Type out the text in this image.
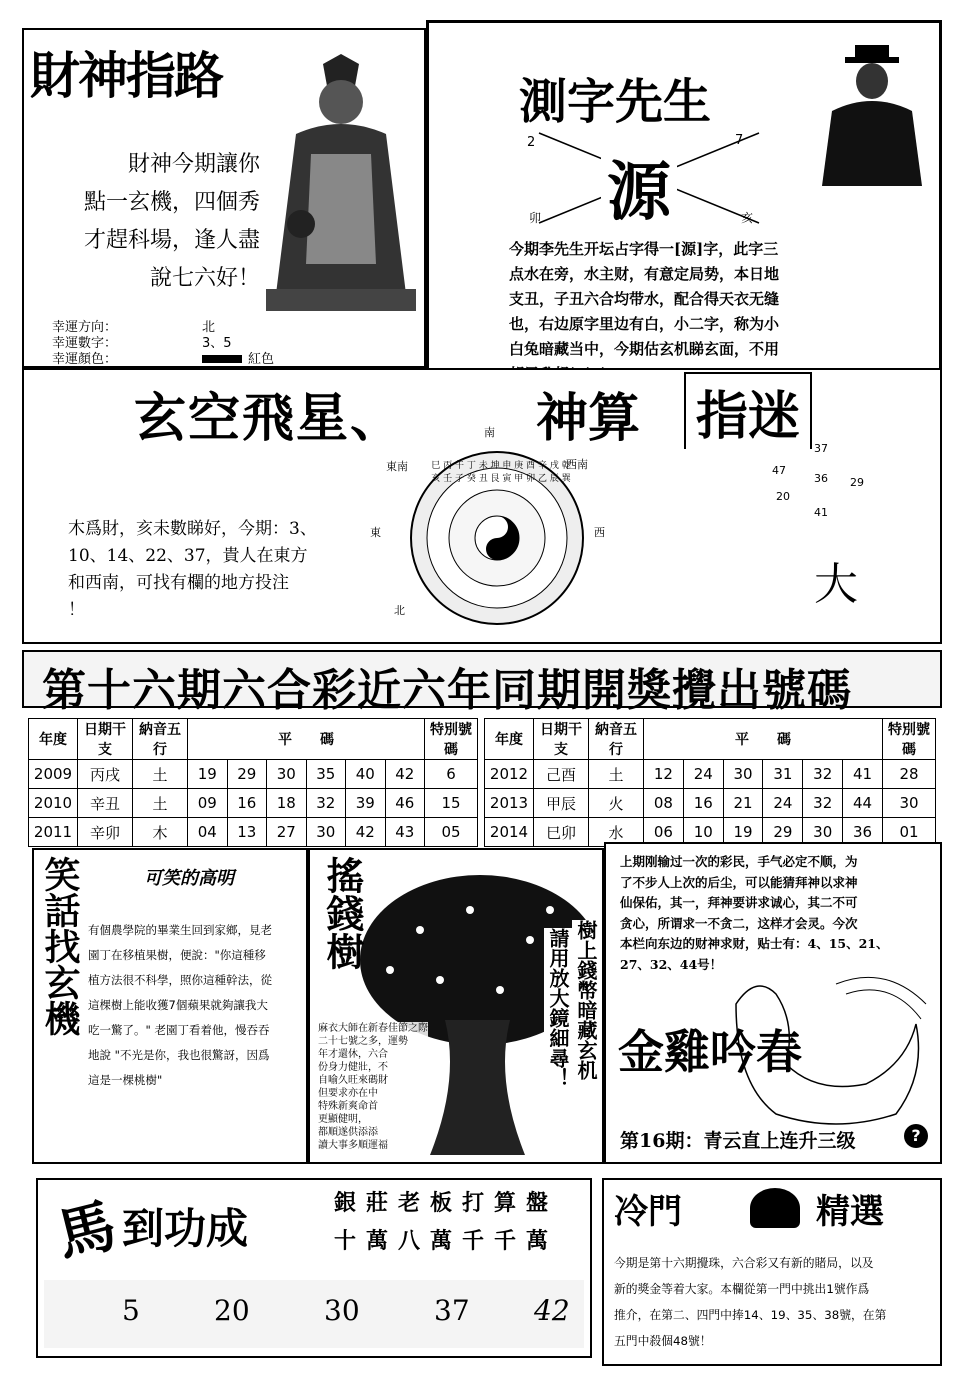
財神指路
財神今期讓你
點一玄機，四個秀
才趕科場，逢人盡
說七六好！
幸運方向：	北
幸運數字：	3、5
幸運顏色：	紅色
測字先生
2	7
卯	亥
源
今期李先生开坛占字得一[源]字，此字三
点水在旁，水主财，有意定局势，本日地
支丑，子丑六合均带水，配合得天衣无缝
也，右边原字里边有白，小二字，称为小
白兔暗藏当中，今期估玄机睇玄面，不用
玄空飛星、	神算 指迷
巳 丙 午 丁 未 坤 申 庚 酉 辛 戌 乾 亥 壬 子 癸 丑 艮 寅 甲 卯 乙 辰 巽
南
東南	西南
東	西
北
木爲財，亥未數睇好，今期：3、
10、14、22、37，貴人在東方
和西南，可找有欄的地方投注
！
37
47
36 29
20
41
大
第十六期六合彩近六年同期開獎攪出號碼
年度	日期干支	納音五行	平　　碼						特別號碼
2009	丙戌	土	19	29	30	35	40	42	6
2010	辛丑	土	09	16	18	32	39	46	15
2011	辛卯	木	04	13	27	30	42	43	05
年度	日期干支	納音五行	平　　碼						特別號碼
2012	己酉	土	12	24	30	31	32	41	28
2013	甲辰	火	08	16	21	24	32	44	30
2014	巳卯	水	06	10	19	29	30	36	01
笑話找玄機	可笑的高明
有個農學院的畢業生回到家鄉，見老
園丁在移植果樹，便說："你這種移
植方法很不科學，照你這種幹法，從
這棵樹上能收獲7個蘋果就夠讓我大
吃一驚了。" 老園丁看着他，慢吞吞
地說 "不光是你，我也很驚訝，因爲
這是一棵桃樹"
搖錢樹
樹上錢幣暗藏玄机
請用放大鏡細尋！
麻衣大師在新春佳節之際
二十七號之多，運勢
年才還休，六合
份身力健壯，不
自喻久旺來碼財
但要求亦在中
特殊新爽命首
更顯健明，
都順遂供添添
讀大事多順運福
上期刚输过一次的彩民，手气必定不顺，为
了不步人上次的后尘，可以能猜拜神以求神
仙保佑，其一，拜神要讲求诚心，其二不可
贪心，所谓求一不贪二，这样才会灵。今次
本栏向东边的财神求财，贴士有：4、15、21、
27、32、44号！
金雞吟春
第16期：青云直上连升三级	?
馬 到功成
銀莊老板打算盤
十萬八萬千千萬
5	20	30	37 42
冷門	精選
今期是第十六期攪珠，六合彩又有新的賭局，以及
新的獎金等着大家。本欄從第一門中挑出1號作爲
推介，在第二、四門中捧14、19、35、38號，在第
五門中殺個48號！
